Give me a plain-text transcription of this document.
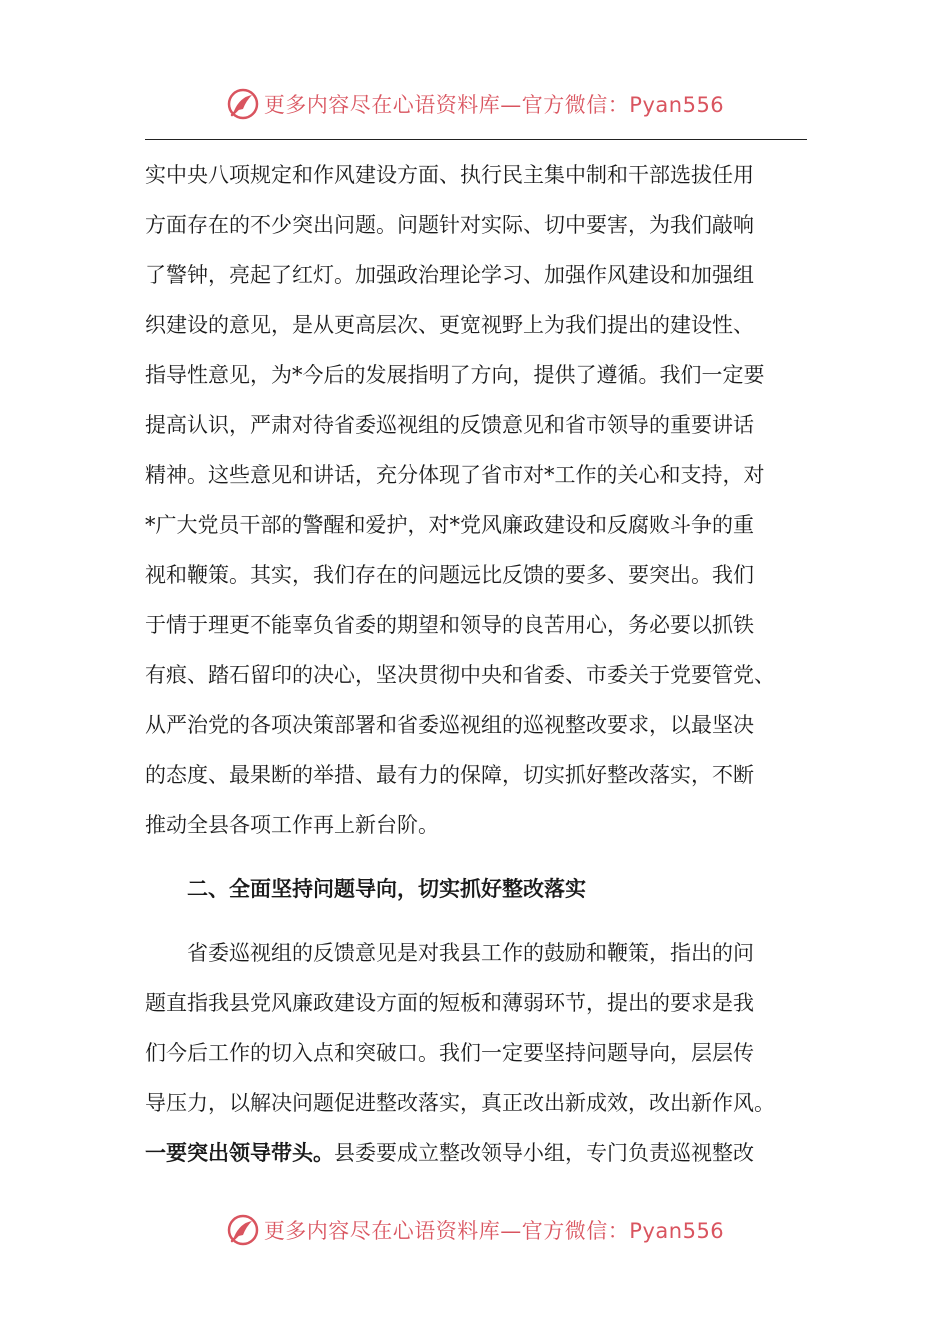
更多内容尽在心语资料库—官方微信：Pyan556
实中央八项规定和作风建设方面、执行民主集中制和干部选拔任用
方面存在的不少突出问题。问题针对实际、切中要害，为我们敲响
了警钟，亮起了红灯。加强政治理论学习、加强作风建设和加强组
织建设的意见，是从更高层次、更宽视野上为我们提出的建设性、
指导性意见，为*今后的发展指明了方向，提供了遵循。我们一定要
提高认识，严肃对待省委巡视组的反馈意见和省市领导的重要讲话
精神。这些意见和讲话，充分体现了省市对*工作的关心和支持，对
*广大党员干部的警醒和爱护，对*党风廉政建设和反腐败斗争的重
视和鞭策。其实，我们存在的问题远比反馈的要多、要突出。我们
于情于理更不能辜负省委的期望和领导的良苦用心，务必要以抓铁
有痕、踏石留印的决心，坚决贯彻中央和省委、市委关于党要管党、
从严治党的各项决策部署和省委巡视组的巡视整改要求，以最坚决
的态度、最果断的举措、最有力的保障，切实抓好整改落实，不断
推动全县各项工作再上新台阶。
二、全面坚持问题导向，切实抓好整改落实
省委巡视组的反馈意见是对我县工作的鼓励和鞭策，指出的问
题直指我县党风廉政建设方面的短板和薄弱环节，提出的要求是我
们今后工作的切入点和突破口。我们一定要坚持问题导向，层层传
导压力，以解决问题促进整改落实，真正改出新成效，改出新作风。
一要突出领导带头。县委要成立整改领导小组，专门负责巡视整改
更多内容尽在心语资料库—官方微信：Pyan556
